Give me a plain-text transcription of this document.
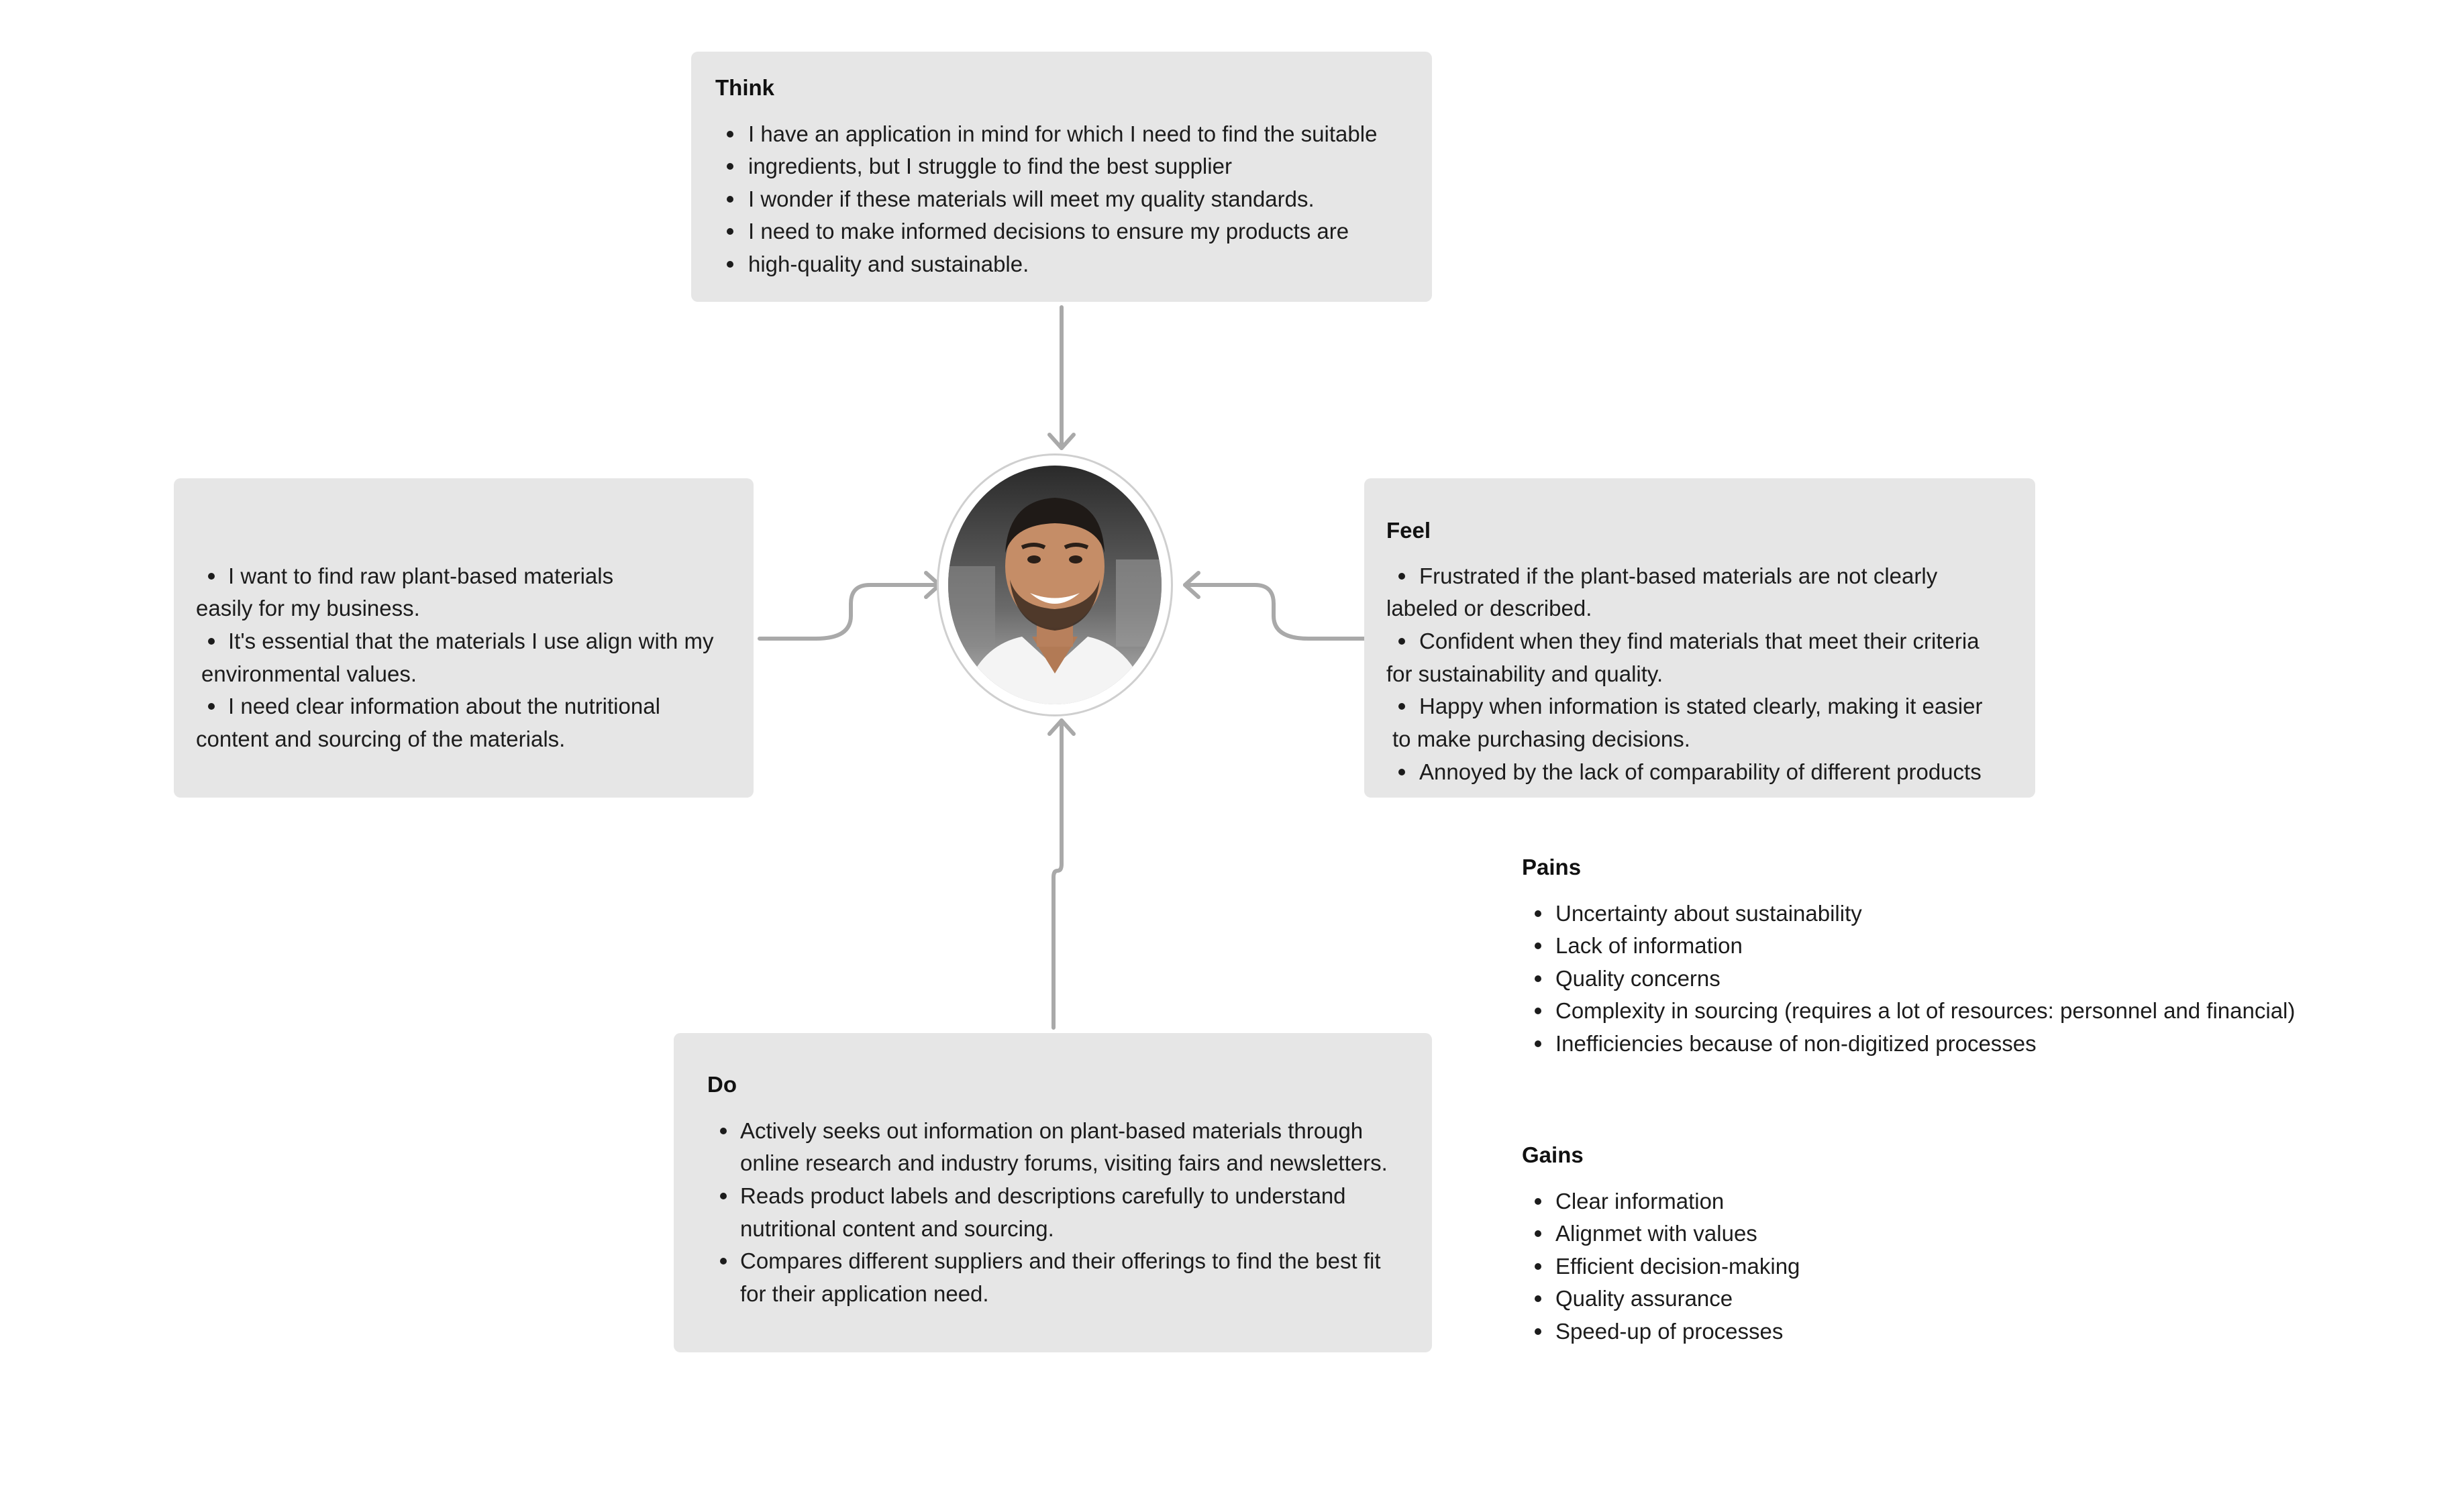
Think
I have an application in mind for which I need to find the suitable
ingredients, but I struggle to find the best supplier
I wonder if these materials will meet my quality standards.
I need to make informed decisions to ensure my products are
high-quality and sustainable.
I want to find raw plant-based materials
easily for my business.
It's essential that the materials I use align with my
environmental values.
I need clear information about the nutritional
content and sourcing of the materials.
Feel
Frustrated if the plant-based materials are not clearly
labeled or described.
Confident when they find materials that meet their criteria
for sustainability and quality.
Happy when information is stated clearly, making it easier
to make purchasing decisions.
Annoyed by the lack of comparability of different products
Do
Actively seeks out information on plant-based materials through
online research and industry forums, visiting fairs and newsletters.
Reads product labels and descriptions carefully to understand
nutritional content and sourcing.
Compares different suppliers and their offerings to find the best fit
for their application need.
Pains
Uncertainty about sustainability
Lack of information
Quality concerns
Complexity in sourcing (requires a lot of resources: personnel and financial)
Inefficiencies because of non-digitized processes
Gains
Clear information
Alignmet with values
Efficient decision-making
Quality assurance
Speed-up of processes
